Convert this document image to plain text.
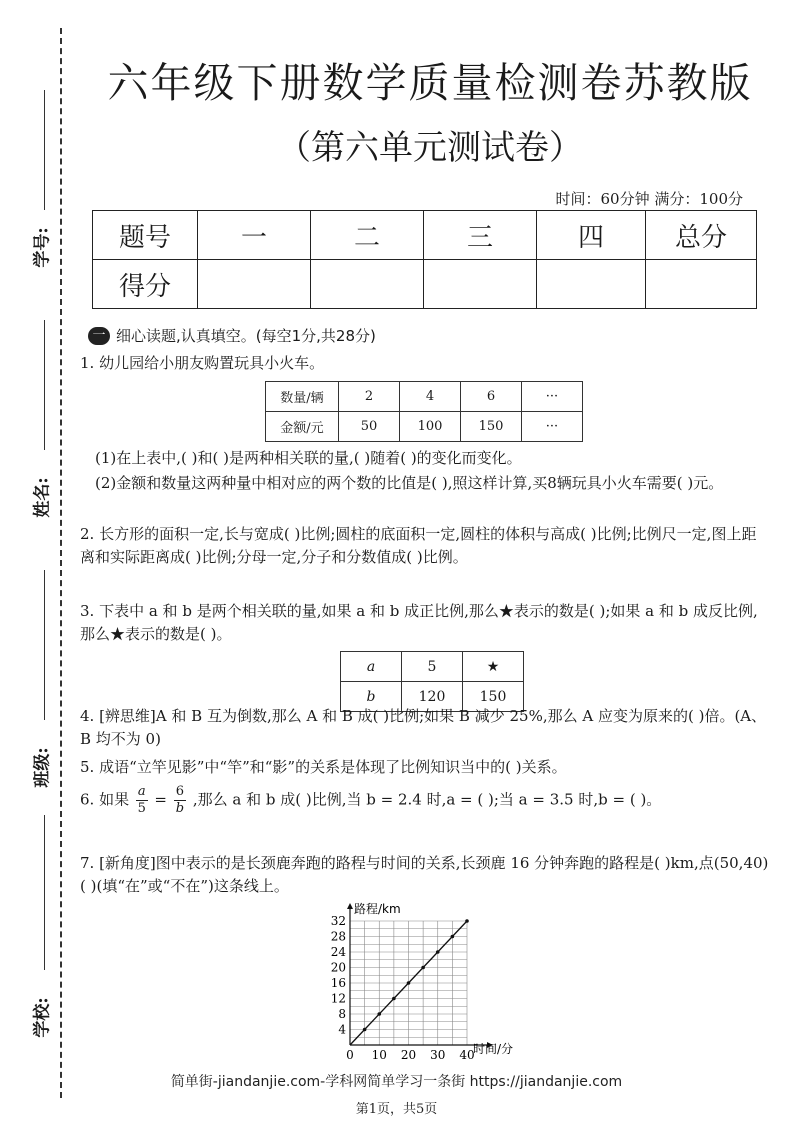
学号:
姓名:
班级:
学校:
六年级下册数学质量检测卷苏教版
（第六单元测试卷）
时间：60分钟 满分：100分
题号	一	二	三	四	总分
得分					
一 细心读题,认真填空。(每空1分,共28分)
1. 幼儿园给小朋友购置玩具小火车。
数量/辆	2	4	6	···
金额/元	50	100	150	···
(1)在上表中,( )和( )是两种相关联的量,( )随着( )的变化而变化。
(2)金额和数量这两种量中相对应的两个数的比值是( ),照这样计算,买8辆玩具小火车需要( )元。
2. 长方形的面积一定,长与宽成( )比例;圆柱的底面积一定,圆柱的体积与高成( )比例;比例尺一定,图上距离和实际距离成( )比例;分母一定,分子和分数值成( )比例。
3. 下表中 a 和 b 是两个相关联的量,如果 a 和 b 成正比例,那么★表示的数是( );如果 a 和 b 成反比例,那么★表示的数是( )。
a	5	★
b	120	150
4. [辨思维]A 和 B 互为倒数,那么 A 和 B 成( )比例;如果 B 减少 25%,那么 A 应变为原来的( )倍。(A、B 均不为 0)
5. 成语“立竿见影”中“竿”和“影”的关系是体现了比例知识当中的( )关系。
6. 如果 $\frac{a}{5} = \frac{6}{b}$ ,那么 a 和 b 成( )比例,当 b = 2.4 时,a = ( );当 a = 3.5 时,b = ( )。
7. [新角度]图中表示的是长颈鹿奔跑的路程与时间的关系,长颈鹿 16 分钟奔跑的路程是( )km,点(50,40)( )(填“在”或“不在”)这条线上。
0 10 20 30 40
4
8
12
16
20
24
28
32
路程/km
时间/分
简单街-jiandanjie.com-学科网简单学习一条街 https://jiandanjie.com
第1页，共5页
